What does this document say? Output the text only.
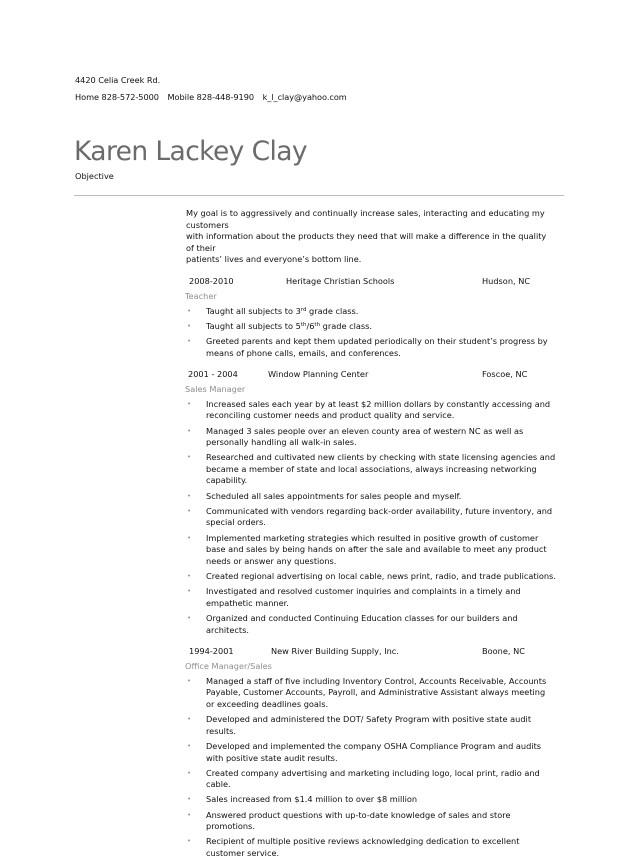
4420 Celia Creek Rd.
Home 828-572-5000 Mobile 828-448-9190 k_l_clay@yahoo.com
Karen Lackey Clay
Objective

My goal is to aggressively and continually increase sales, interacting and educating my customers

with information about the products they need that will make a difference in the quality of their

patients’ lives and everyone’s bottom line.

2008-2010	Heritage Christian Schools	Hudson, NC
Teacher
• Taught all subjects to 3rd grade class.
• Taught all subjects to 5th/6th grade class.
• Greeted parents and kept them updated periodically on their student’s progress by means of phone calls, emails, and conferences.
2001 - 2004	Window Planning Center	Foscoe, NC
Sales Manager
• Increased sales each year by at least $2 million dollars by constantly accessing and reconciling customer needs and product quality and service.
• Managed 3 sales people over an eleven county area of western NC as well as personally handling all walk-in sales.
• Researched and cultivated new clients by checking with state licensing agencies and became a member of state and local associations, always increasing networking capability.
• Scheduled all sales appointments for sales people and myself.
• Communicated with vendors regarding back-order availability, future inventory, and special orders.
• Implemented marketing strategies which resulted in positive growth of customer base and sales by being hands on after the sale and available to meet any product needs or answer any questions.
• Created regional advertising on local cable, news print, radio, and trade publications.
• Investigated and resolved customer inquiries and complaints in a timely and empathetic manner.
• Organized and conducted Continuing Education classes for our builders and architects.
1994-2001	New River Building Supply, Inc.	Boone, NC
Office Manager/Sales
• Managed a staff of five including Inventory Control, Accounts Receivable, Accounts Payable, Customer Accounts, Payroll, and Administrative Assistant always meeting or exceeding deadlines goals.
• Developed and administered the DOT/ Safety Program with positive state audit results.
• Developed and implemented the company OSHA Compliance Program and audits with positive state audit results.
• Created company advertising and marketing including logo, local print, radio and cable.
• Sales increased from $1.4 million to over $8 million
• Answered product questions with up-to-date knowledge of sales and store promotions.
• Recipient of multiple positive reviews acknowledging dedication to excellent customer service.
